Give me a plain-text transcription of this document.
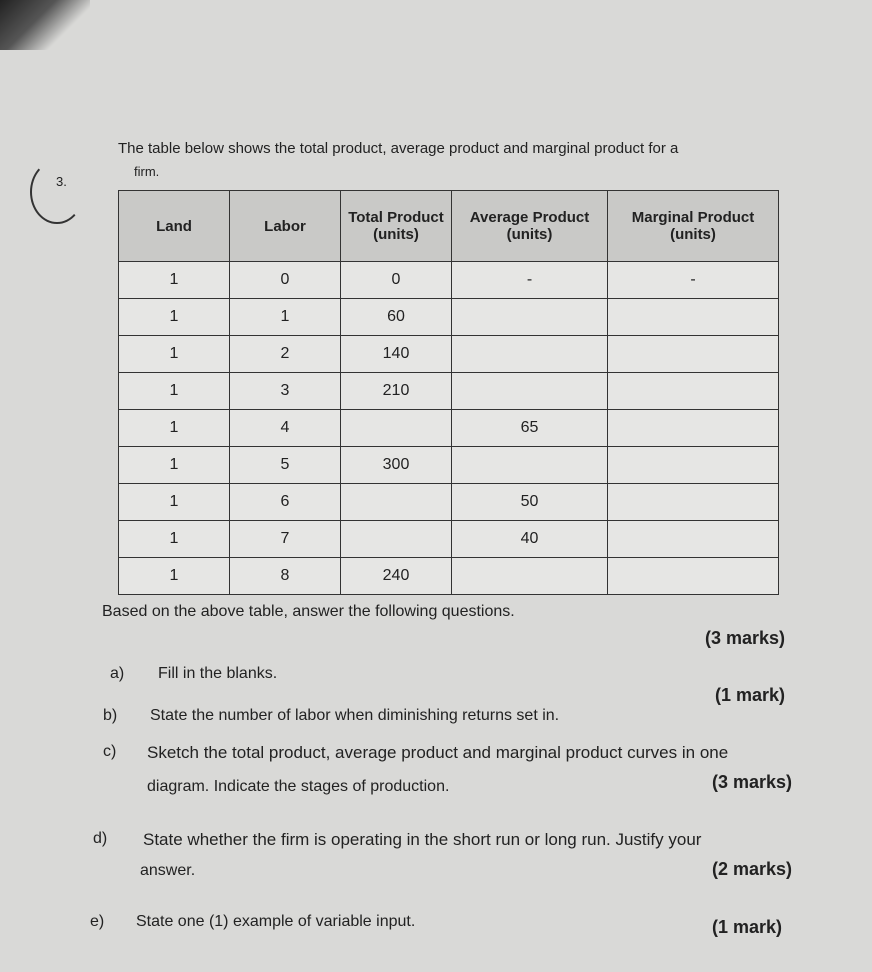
3.
The table below shows the total product, average product and marginal product for a
firm.
Land	Labor	Total Product (units)	Average Product (units)	Marginal Product (units)
1	0	0	-	-
1	1	60		
1	2	140		
1	3	210		
1	4		65	
1	5	300		
1	6		50	
1	7		40	
1	8	240		
Based on the above table, answer the following questions.
(3 marks)
a) Fill in the blanks.
b) State the number of labor when diminishing returns set in.
(1 mark)
c) Sketch the total product, average product and marginal product curves in one
diagram. Indicate the stages of production.	(3 marks)
d) State whether the firm is operating in the short run or long run. Justify your
answer.	(2 marks)
e) State one (1) example of variable input.	(1 mark)
